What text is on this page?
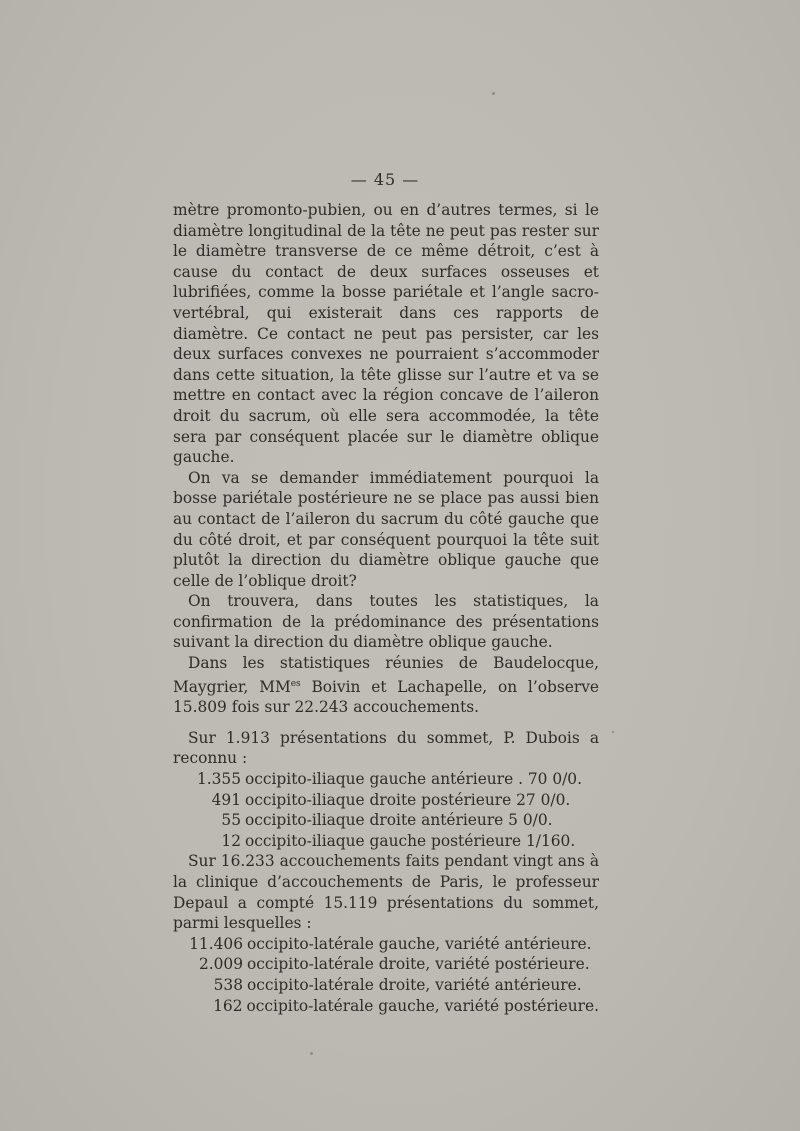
— 45 —

mètre promonto-pubien, ou en d’autres termes, si le diamètre longitudinal de la tête ne peut pas rester sur le diamètre transverse de ce même détroit, c’est à cause du contact de deux surfaces osseuses et lubrifiées, comme la bosse pariétale et l’angle sacro-vertébral, qui existerait dans ces rapports de diamètre. Ce contact ne peut pas persister, car les deux surfaces convexes ne pourraient s’accommoder dans cette situation, la tête glisse sur l’autre et va se mettre en contact avec la région concave de l’aileron droit du sacrum, où elle sera accommodée, la tête sera par conséquent placée sur le diamètre oblique gauche.

On va se demander immédiatement pourquoi la bosse pariétale postérieure ne se place pas aussi bien au contact de l’aileron du sacrum du côté gauche que du côté droit, et par conséquent pourquoi la tête suit plutôt la direction du diamètre oblique gauche que celle de l’oblique droit?

On trouvera, dans toutes les statistiques, la confirmation de la prédominance des présentations suivant la direction du diamètre oblique gauche.

Dans les statistiques réunies de Baudelocque, Maygrier, $MM^{es}$ Boivin et Lachapelle, on l’observe 15.809 fois sur 22.243 accouchements.

Sur 1.913 présentations du sommet, P. Dubois a reconnu :

1.355 occipito-iliaque gauche antérieure . 70 0/0.
491 occipito-iliaque droite postérieure 27 0/0.
55 occipito-iliaque droite antérieure 5 0/0.
12 occipito-iliaque gauche postérieure 1/160.

Sur 16.233 accouchements faits pendant vingt ans à la clinique d’accouchements de Paris, le professeur Depaul a compté 15.119 présentations du sommet, parmi lesquelles :

11.406 occipito-latérale gauche, variété antérieure.
2.009 occipito-latérale droite, variété postérieure.
538 occipito-latérale droite, variété antérieure.
162 occipito-latérale gauche, variété postérieure.
